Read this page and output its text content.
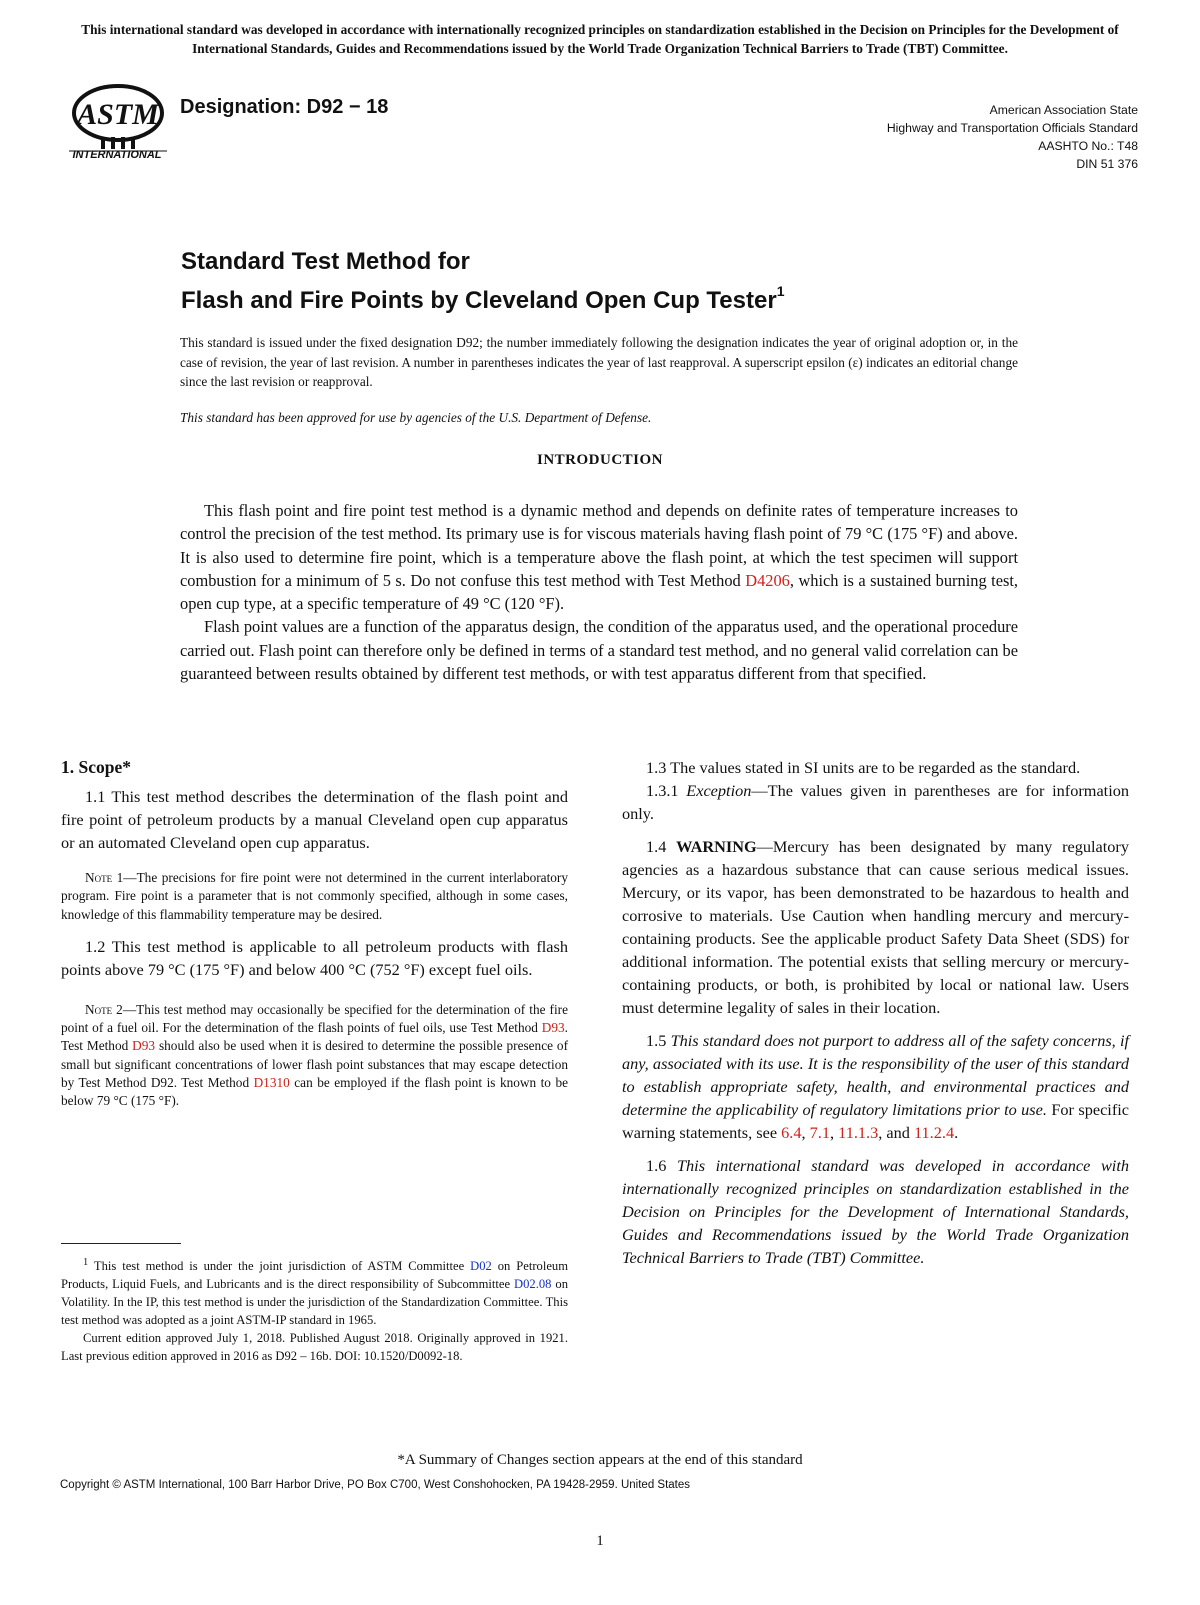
This international standard was developed in accordance with internationally recognized principles on standardization established in the Decision on Principles for the Development of International Standards, Guides and Recommendations issued by the World Trade Organization Technical Barriers to Trade (TBT) Committee.
ASTM
INTERNATIONAL
Designation: D92 − 18	American Association State
Highway and Transportation Officials Standard
AASHTO No.: T48
DIN 51 376
Standard Test Method for
Flash and Fire Points by Cleveland Open Cup Tester$^1$
This standard is issued under the fixed designation D92; the number immediately following the designation indicates the year of original adoption or, in the case of revision, the year of last revision. A number in parentheses indicates the year of last reapproval. A superscript epsilon (ε) indicates an editorial change since the last revision or reapproval.
This standard has been approved for use by agencies of the U.S. Department of Defense.
INTRODUCTION

This flash point and fire point test method is a dynamic method and depends on definite rates of temperature increases to control the precision of the test method. Its primary use is for viscous materials having flash point of 79 °C (175 °F) and above. It is also used to determine fire point, which is a temperature above the flash point, at which the test specimen will support combustion for a minimum of 5 s. Do not confuse this test method with Test Method D4206, which is a sustained burning test, open cup type, at a specific temperature of 49 °C (120 °F).

Flash point values are a function of the apparatus design, the condition of the apparatus used, and the operational procedure carried out. Flash point can therefore only be defined in terms of a standard test method, and no general valid correlation can be guaranteed between results obtained by different test methods, or with test apparatus different from that specified.

1. Scope*

1.1 This test method describes the determination of the flash point and fire point of petroleum products by a manual Cleveland open cup apparatus or an automated Cleveland open cup apparatus.

Note 1—The precisions for fire point were not determined in the current interlaboratory program. Fire point is a parameter that is not commonly specified, although in some cases, knowledge of this flammability temperature may be desired.

1.2 This test method is applicable to all petroleum products with flash points above 79 °C (175 °F) and below 400 °C (752 °F) except fuel oils.

Note 2—This test method may occasionally be specified for the determination of the fire point of a fuel oil. For the determination of the flash points of fuel oils, use Test Method D93. Test Method D93 should also be used when it is desired to determine the possible presence of small but significant concentrations of lower flash point substances that may escape detection by Test Method D92. Test Method D1310 can be employed if the flash point is known to be below 79 °C (175 °F).

$^1$ This test method is under the joint jurisdiction of ASTM Committee D02 on Petroleum Products, Liquid Fuels, and Lubricants and is the direct responsibility of Subcommittee D02.08 on Volatility. In the IP, this test method is under the jurisdiction of the Standardization Committee. This test method was adopted as a joint ASTM-IP standard in 1965.

Current edition approved July 1, 2018. Published August 2018. Originally approved in 1921. Last previous edition approved in 2016 as D92 – 16b. DOI: 10.1520/D0092-18.

1.3 The values stated in SI units are to be regarded as the standard.

1.3.1 Exception—The values given in parentheses are for information only.

1.4 WARNING—Mercury has been designated by many regulatory agencies as a hazardous substance that can cause serious medical issues. Mercury, or its vapor, has been demonstrated to be hazardous to health and corrosive to materials. Use Caution when handling mercury and mercury-containing products. See the applicable product Safety Data Sheet (SDS) for additional information. The potential exists that selling mercury or mercury-containing products, or both, is prohibited by local or national law. Users must determine legality of sales in their location.

1.5 This standard does not purport to address all of the safety concerns, if any, associated with its use. It is the responsibility of the user of this standard to establish appropriate safety, health, and environmental practices and determine the applicability of regulatory limitations prior to use. For specific warning statements, see 6.4, 7.1, 11.1.3, and 11.2.4.

1.6 This international standard was developed in accordance with internationally recognized principles on standardization established in the Decision on Principles for the Development of International Standards, Guides and Recommendations issued by the World Trade Organization Technical Barriers to Trade (TBT) Committee.

*A Summary of Changes section appears at the end of this standard
Copyright © ASTM International, 100 Barr Harbor Drive, PO Box C700, West Conshohocken, PA 19428-2959. United States
1
